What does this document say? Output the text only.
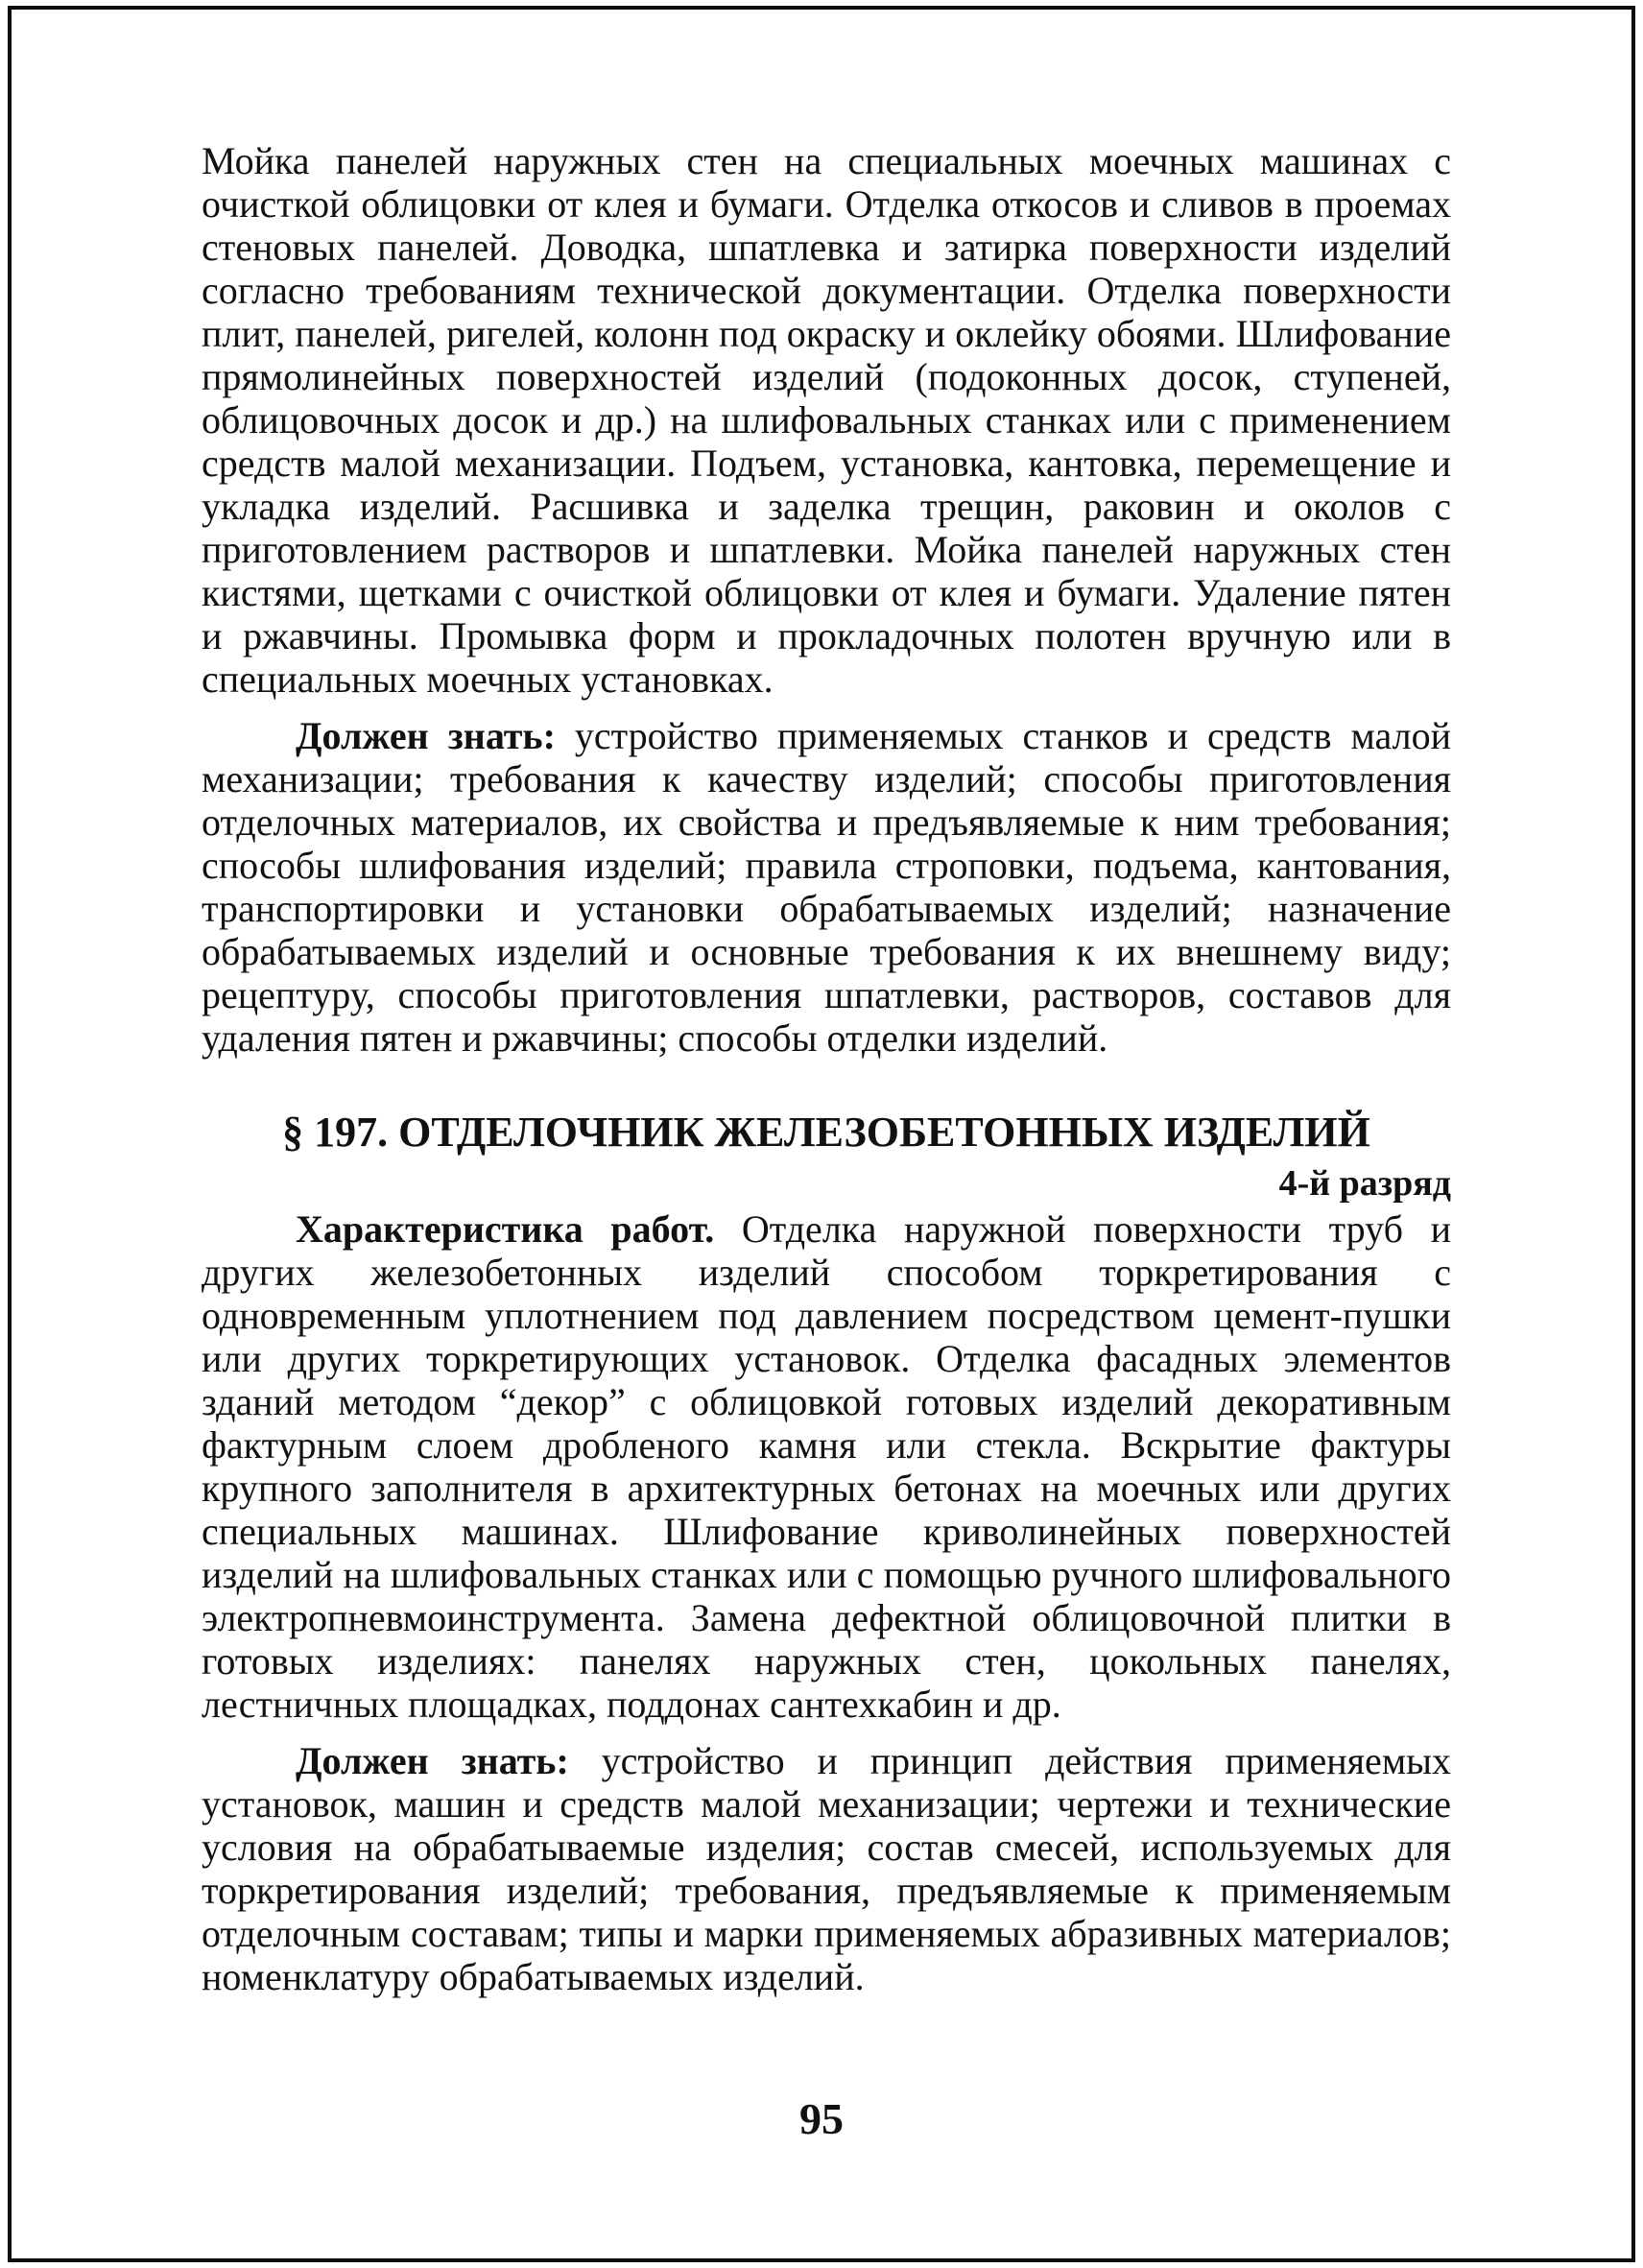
Мойка панелей наружных стен на специальных моечных машинах с очисткой облицовки от клея и бумаги. Отделка откосов и сливов в проемах стеновых панелей. Доводка, шпатлевка и затирка поверхности изделий согласно требованиям технической документации. Отделка поверхности плит, панелей, ригелей, колонн под окраску и оклейку обоями. Шлифование прямолинейных поверхностей изделий (подоконных досок, ступеней, облицовочных досок и др.) на шлифовальных станках или с применением средств малой механизации. Подъем, установка, кантовка, перемещение и укладка изделий. Расшивка и заделка трещин, раковин и околов с приготовлением растворов и шпатлевки. Мойка панелей наружных стен кистями, щетками с очисткой облицовки от клея и бумаги. Удаление пятен и ржавчины. Промывка форм и прокладочных полотен вручную или в специальных моечных установках.

Должен знать: устройство применяемых станков и средств малой механизации; требования к качеству изделий; способы приготовления отделочных материалов, их свойства и предъявляемые к ним требования; способы шлифования изделий; правила строповки, подъема, кантования, транспортировки и установки обрабатываемых изделий; назначение обрабатываемых изделий и основные требования к их внешнему виду; рецептуру, способы приготовления шпатлевки, растворов, составов для удаления пятен и ржавчины; способы отделки изделий.

§ 197. ОТДЕЛОЧНИК ЖЕЛЕЗОБЕТОННЫХ ИЗДЕЛИЙ
4-й разряд

Характеристика работ. Отделка наружной поверхности труб и других железобетонных изделий способом торкретирования с одновременным уплотнением под давлением посредством цемент-пушки или других торкретирующих установок. Отделка фасадных элементов зданий методом “декор” с облицовкой готовых изделий декоративным фактурным слоем дробленого камня или стекла. Вскрытие фактуры крупного заполнителя в архитектурных бетонах на моечных или других специальных машинах. Шлифование криволинейных поверхностей изделий на шлифовальных станках или с помощью ручного шлифовального электропневмоинструмента. Замена дефектной облицовочной плитки в готовых изделиях: панелях наружных стен, цокольных панелях, лестничных площадках, поддонах сантехкабин и др.

Должен знать: устройство и принцип действия применяемых установок, машин и средств малой механизации; чертежи и технические условия на обрабатываемые изделия; состав смесей, используемых для торкретирования изделий; требования, предъявляемые к применяемым отделочным составам; типы и марки применяемых абразивных материалов; номенклатуру обрабатываемых изделий.

95
